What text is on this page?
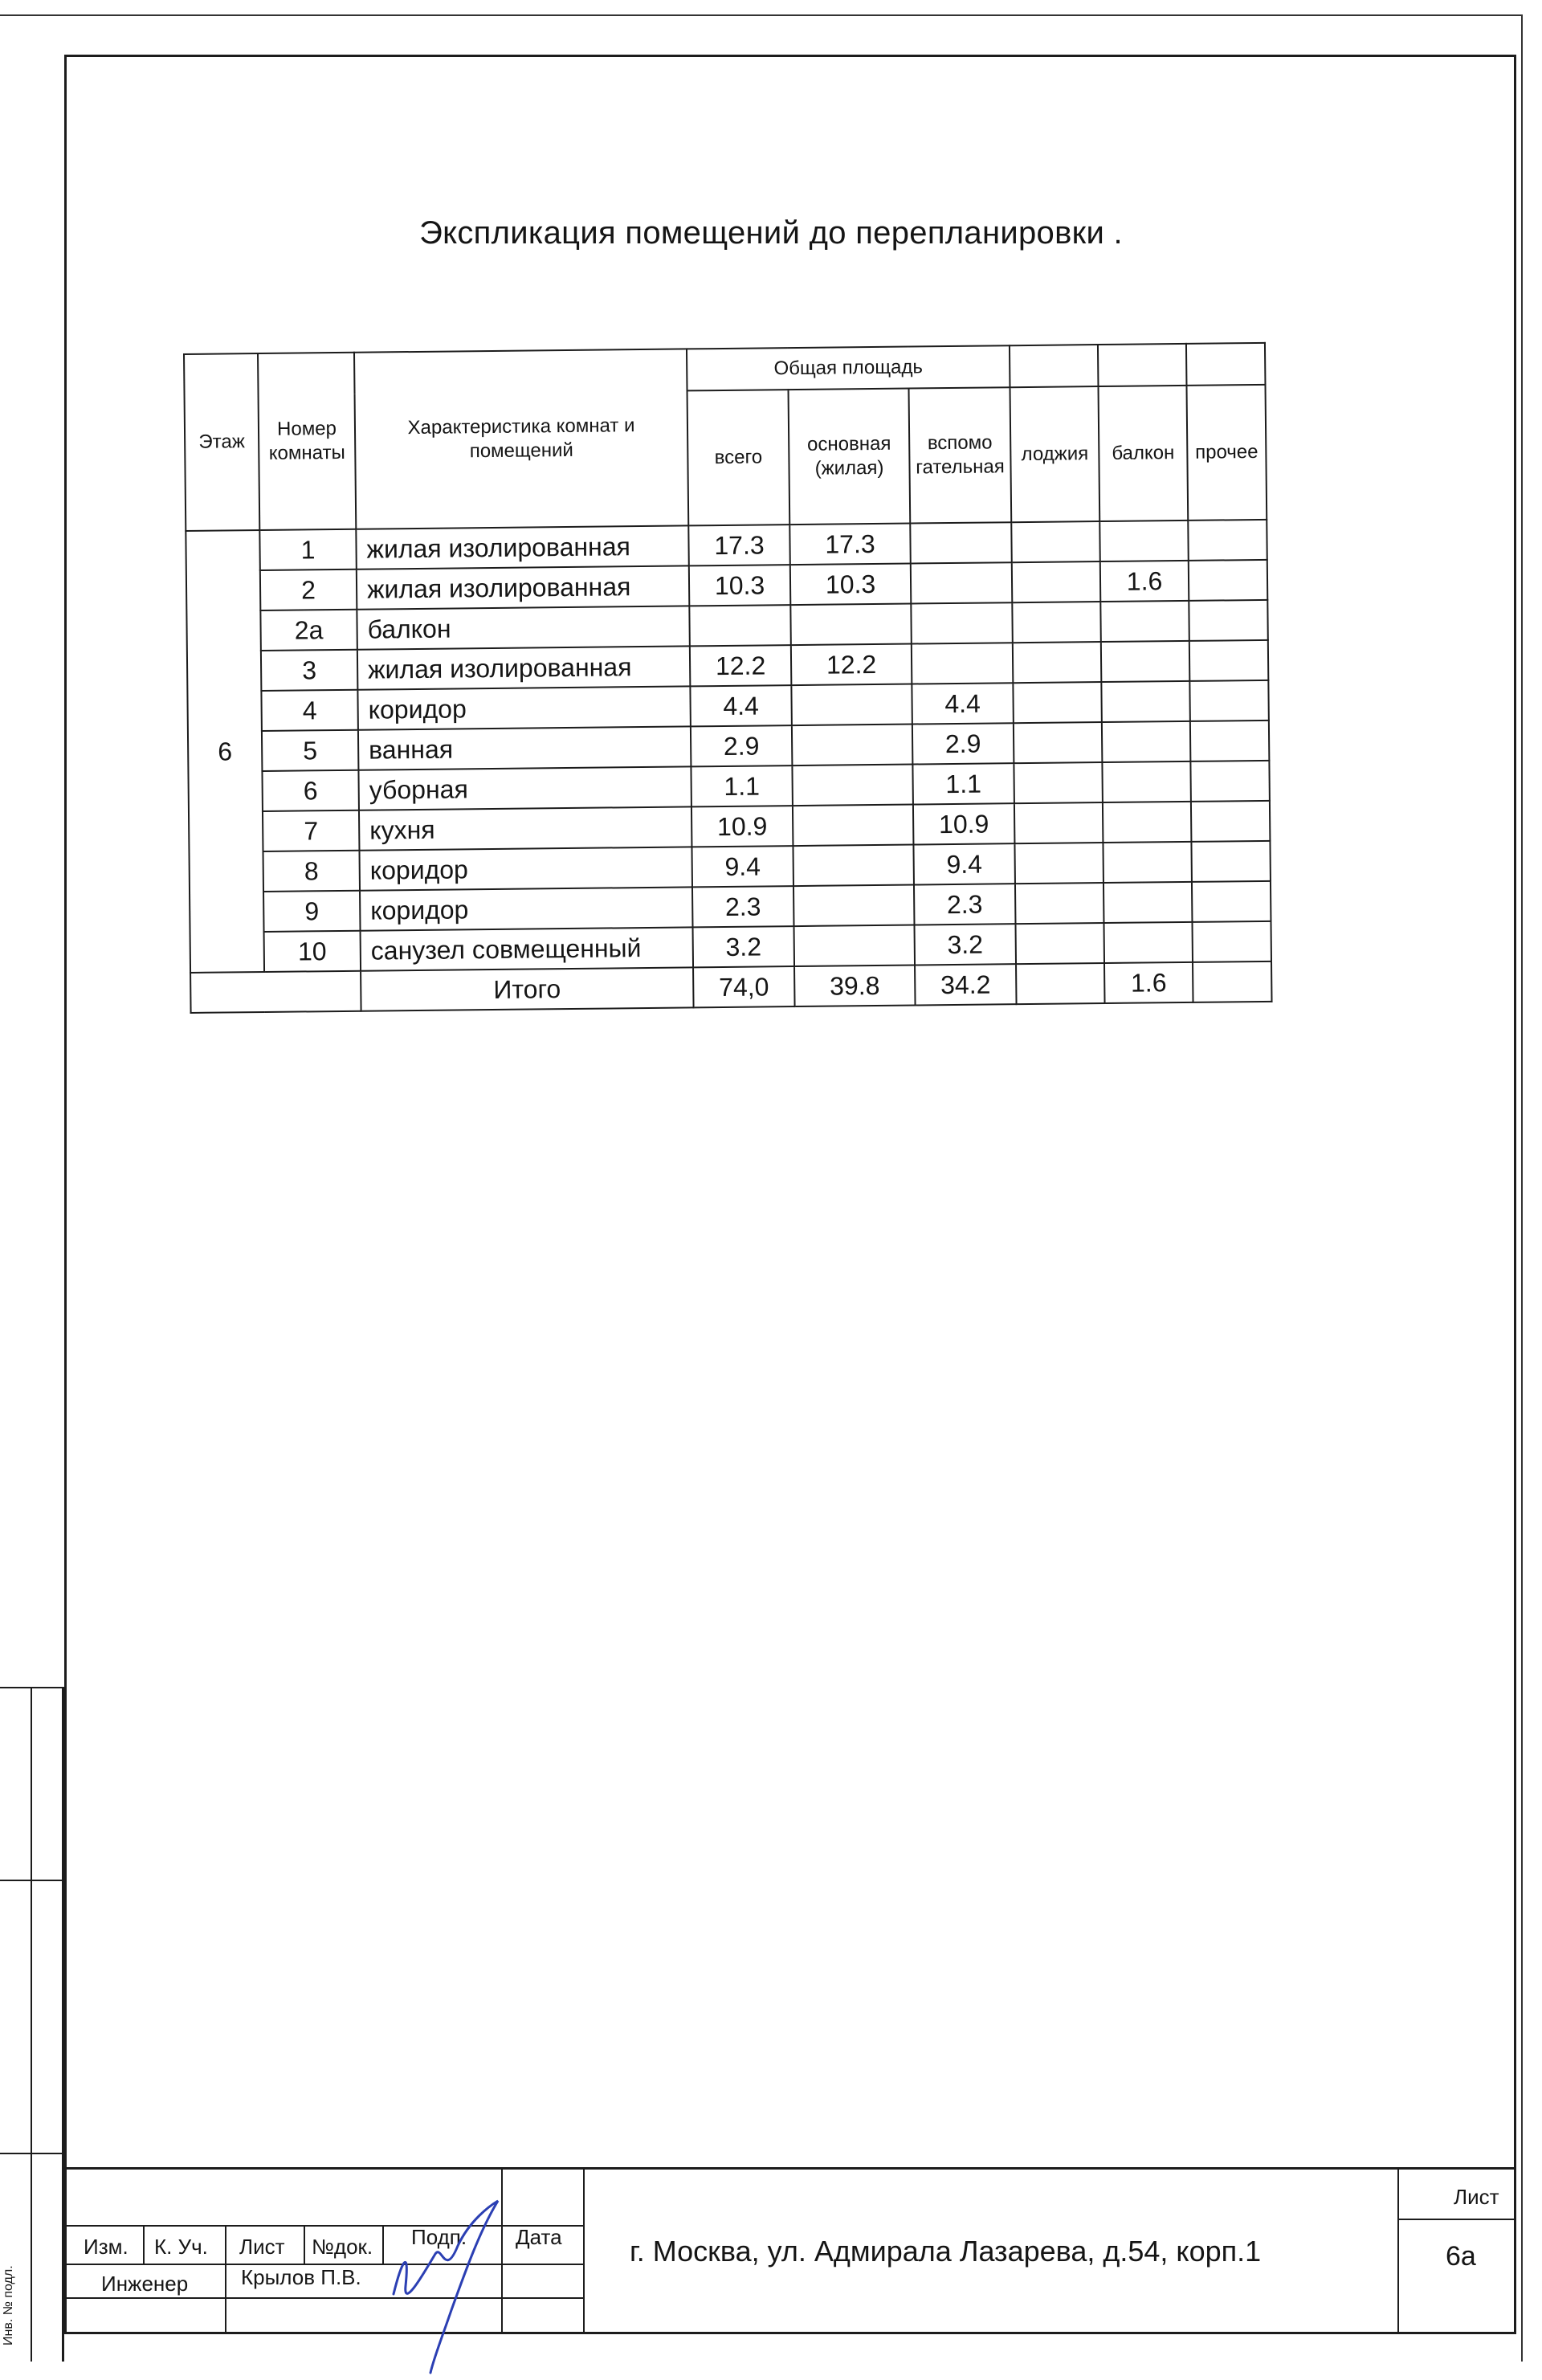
Инв. № подл.
Экспликация помещений до перепланировки .
Этаж	Номер комнаты	Характеристика комнат и помещений	Общая площадь					
			всего	основная (жилая)	вспомо гательная	лоджия	балкон	прочее
6	1	жилая изолированная	17.3	17.3				
	2	жилая изолированная	10.3	10.3			1.6	
	2а	балкон						
	3	жилая изолированная	12.2	12.2				
	4	коридор	4.4		4.4			
	5	ванная	2.9		2.9			
	6	уборная	1.1		1.1			
	7	кухня	10.9		10.9			
	8	коридор	9.4		9.4			
	9	коридор	2.3		2.3			
	10	санузел совмещенный	3.2		3.2			
		Итого	74,0	39.8	34.2		1.6	
Изм. К. Уч. Лист №док. Подп. Дата
Инженер	Крылов П.В.
г. Москва, ул. Адмирала Лазарева, д.54, корп.1
Лист
6а
